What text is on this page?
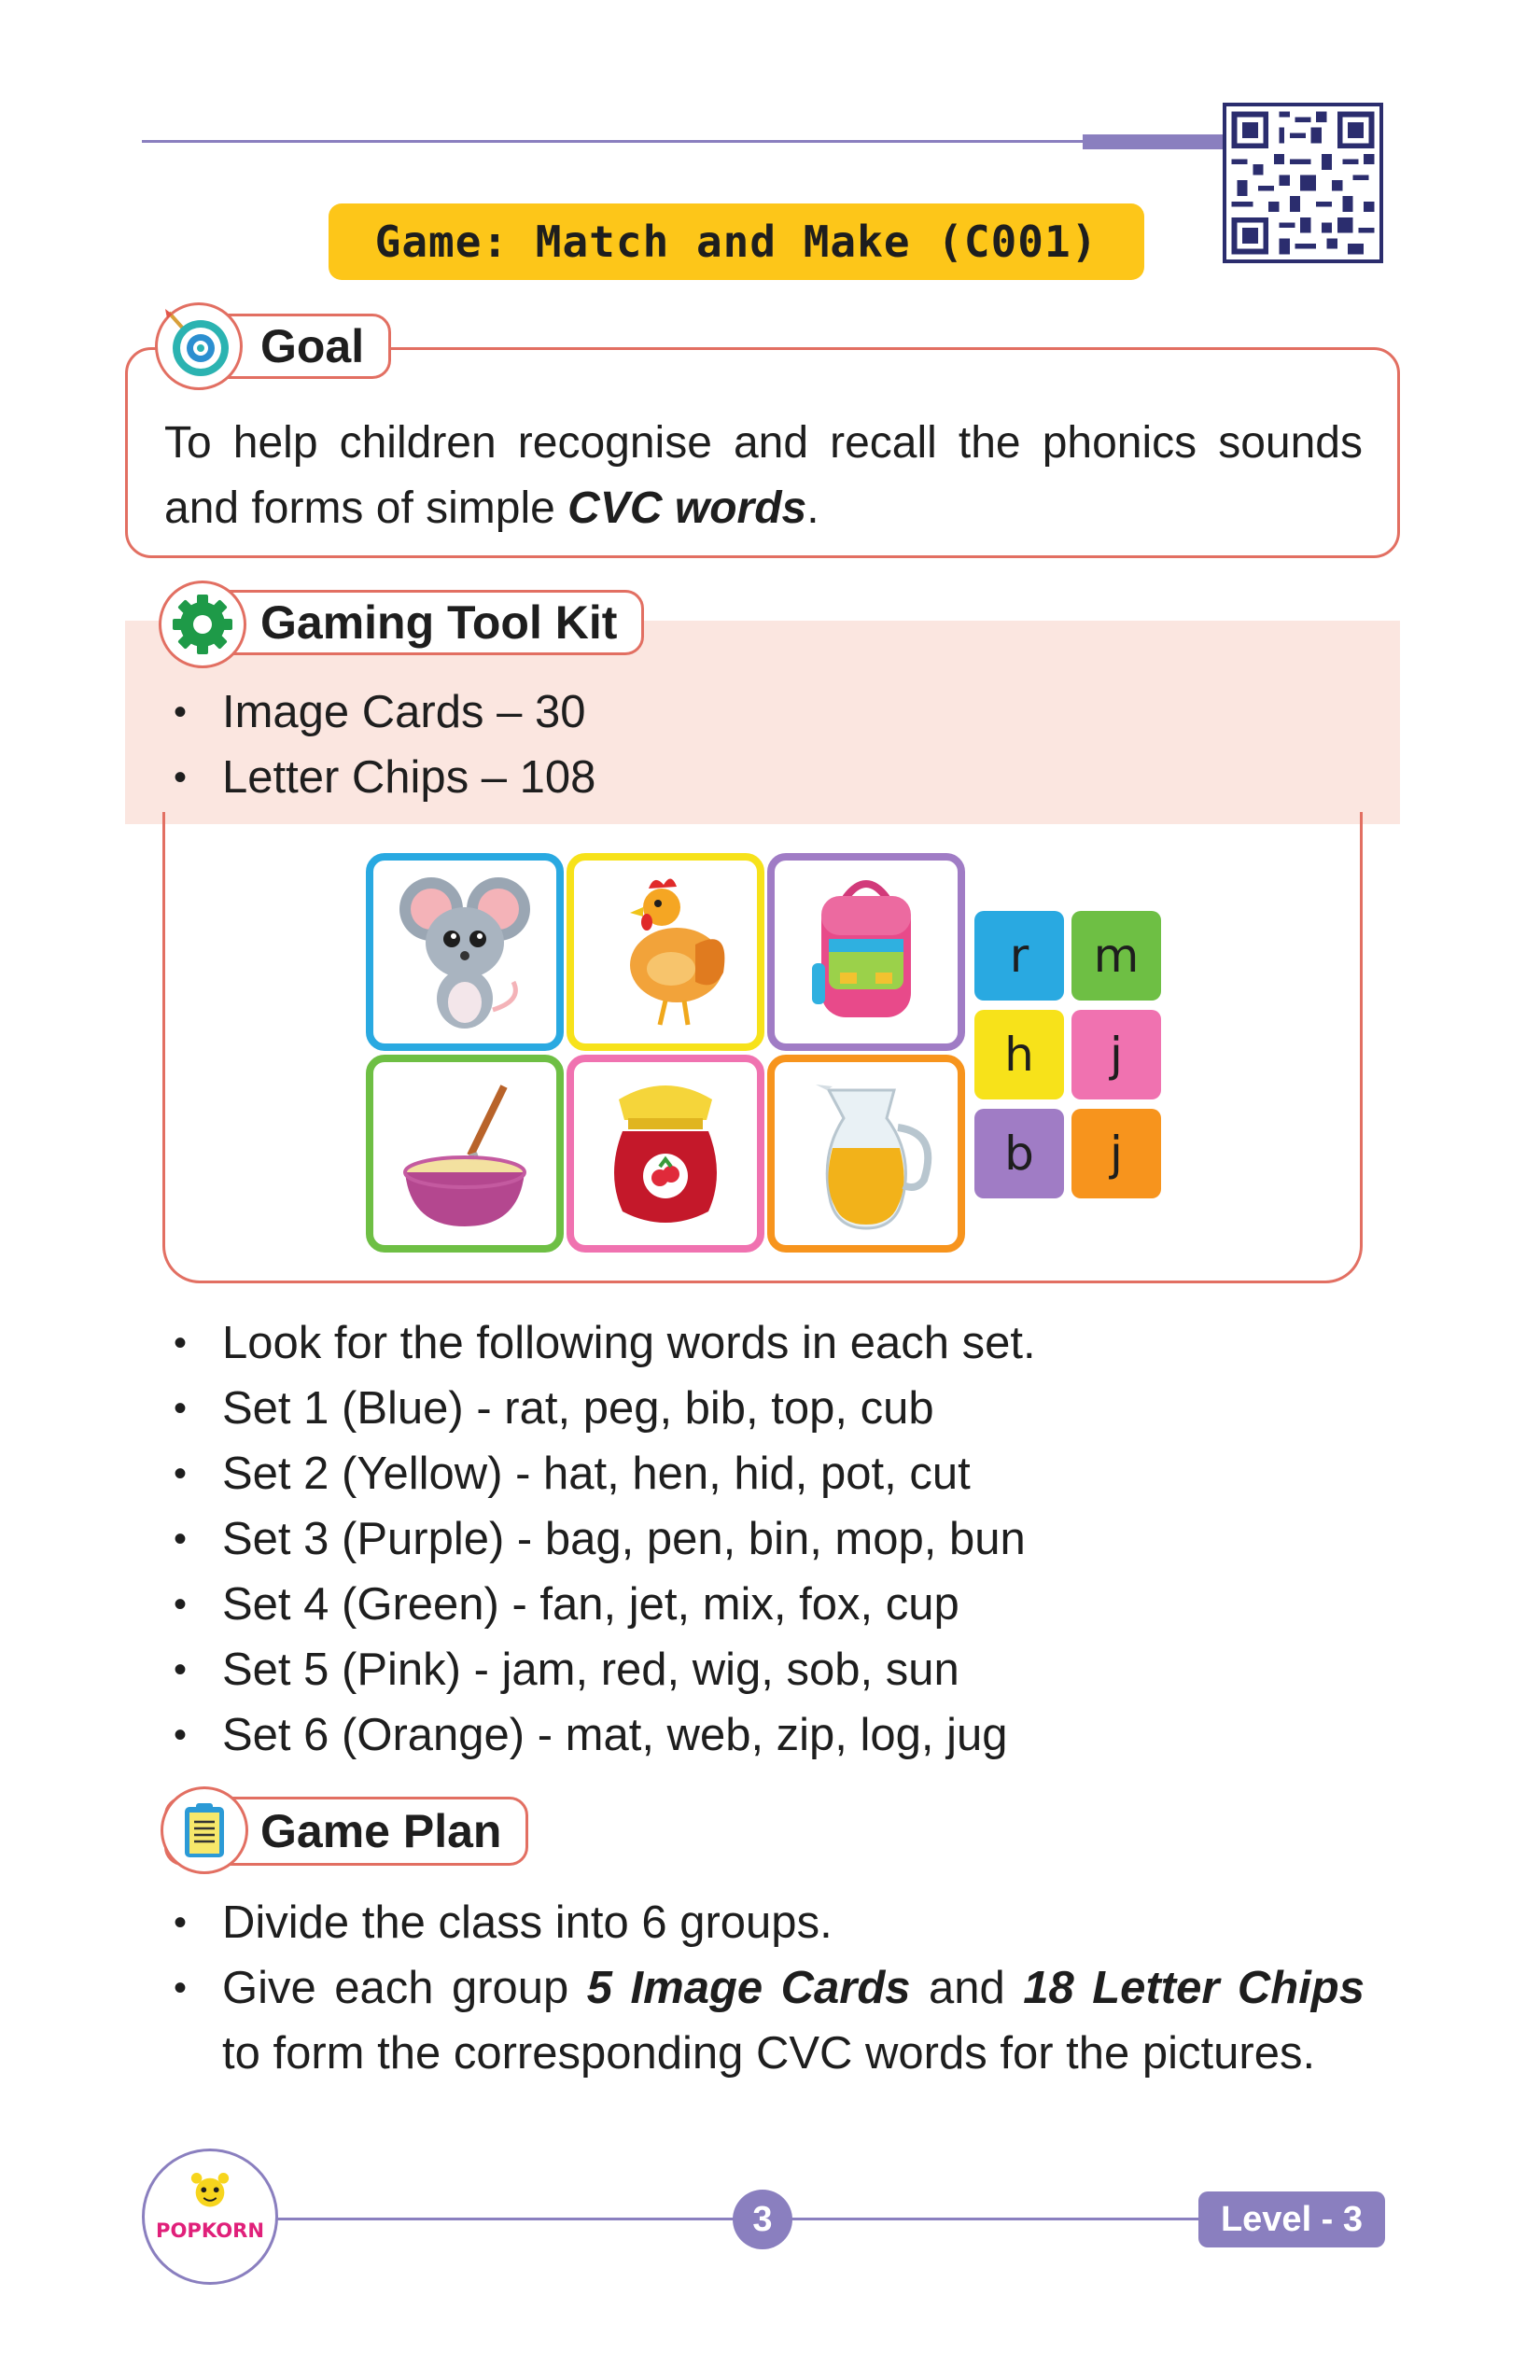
Game: Match and Make (C001)
Goal

To help children recognise and recall the phonics sounds and forms of simple CVC words.

Gaming Tool Kit
• Image Cards – 30
• Letter Chips – 108
r m
h j
b j
• Look for the following words in each set.
• Set 1 (Blue) - rat, peg, bib, top, cub
• Set 2 (Yellow) - hat, hen, hid, pot, cut
• Set 3 (Purple) - bag, pen, bin, mop, bun
• Set 4 (Green) - fan, jet, mix, fox, cup
• Set 5 (Pink) - jam, red, wig, sob, sun
• Set 6 (Orange) - mat, web, zip, log, jug
Game Plan
• Divide the class into 6 groups.
• Give each group 5 Image Cards and 18 Letter Chips to form the corresponding CVC words for the pictures.
POPKORN	3	Level - 3
